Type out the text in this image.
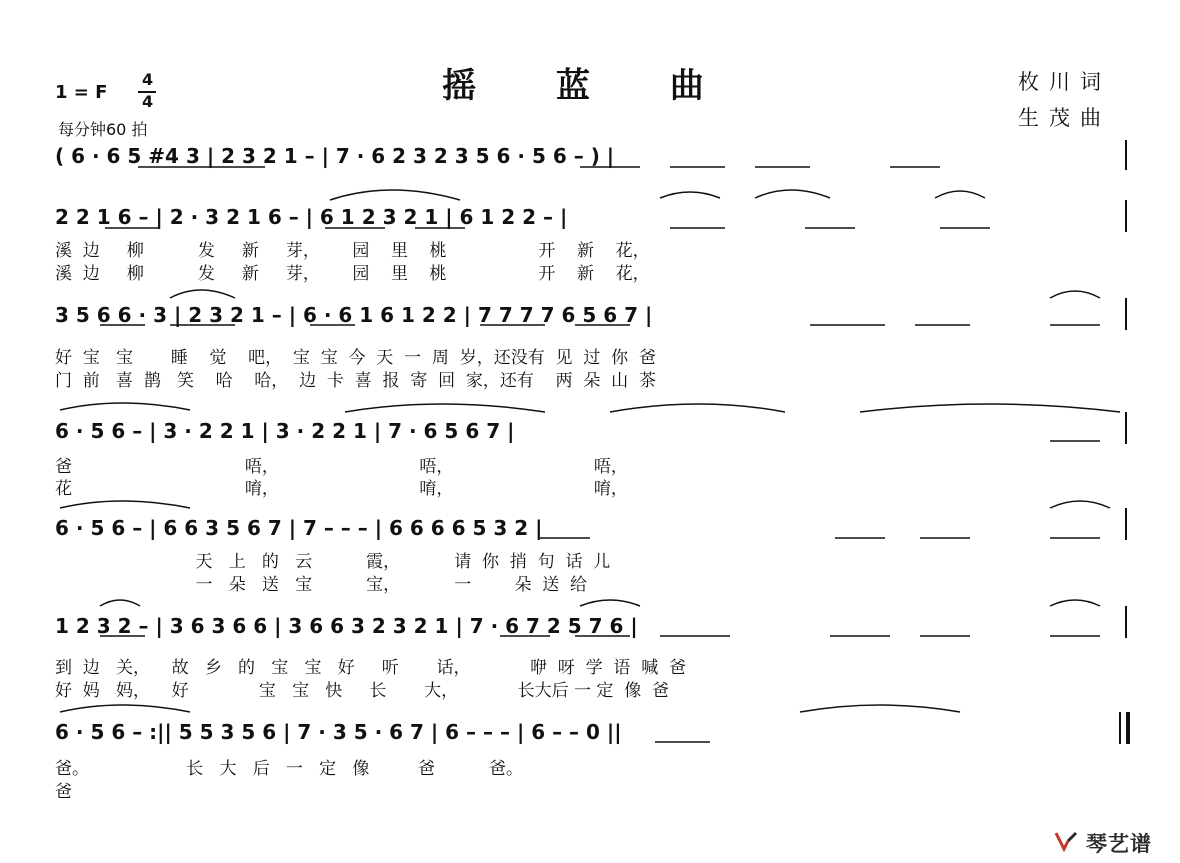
摇 蓝 曲
1 = F
4
4
每分钟60 拍
枚川词
生茂曲
( 6 · 6 5 #4 3 | 2 3 2 1 – | 7 · 6 2 3 2 3 5 6 · 5 6 – ) |
2 2 1 6 – | 2 · 3 2 1 6 – | 6 1 2 3 2 1 | 6 1 2 2 – |
溪  边     柳          发     新     芽，      园    里    桃                 开    新    花，
溪  边     柳          发     新     芽，      园    里    桃                 开    新    花，
3 5 6 6 · 3 | 2 3 2 1 – | 6 · 6 1 6 1 2 2 | 7 7 7 7 6 5 6 7 |
好  宝   宝       睡    觉    吧，  宝  宝  今  天  一  周  岁，还没有  见  过  你  爸
门  前   喜  鹊   笑    哈    哈，  边  卡  喜  报  寄  回  家，还有    两  朵  山  茶
6 · 5 6 – | 3 · 2 2 1 | 3 · 2 2 1 | 7 · 6 5 6 7 |
爸                                唔，                          唔，                          唔，
花                                唷，                          唷，                          唷，
6 · 5 6 – | 6 6 3 5 6 7 | 7 – – – | 6 6 6 6 5 3 2 |
天   上   的   云          霞，          请  你  捎  句  话  儿
一   朵   送   宝          宝，          一        朵  送  给
1 2 3 2 – | 3 6 3 6 6 | 3 6 6 3 2 3 2 1 | 7 · 6 7 2 5 7 6 |
到  边   关，    故   乡   的   宝   宝   好     听       话，           咿  呀  学  语  喊  爸
好  妈   妈，    好             宝   宝   快     长       大，           长大后 一 定  像  爸
6 · 5 6 – :|| 5 5 3 5 6 | 7 · 3 5 · 6 7 | 6 – – – | 6 – – 0 ||
爸。                  长   大   后   一   定   像         爸          爸。
爸
琴艺谱
